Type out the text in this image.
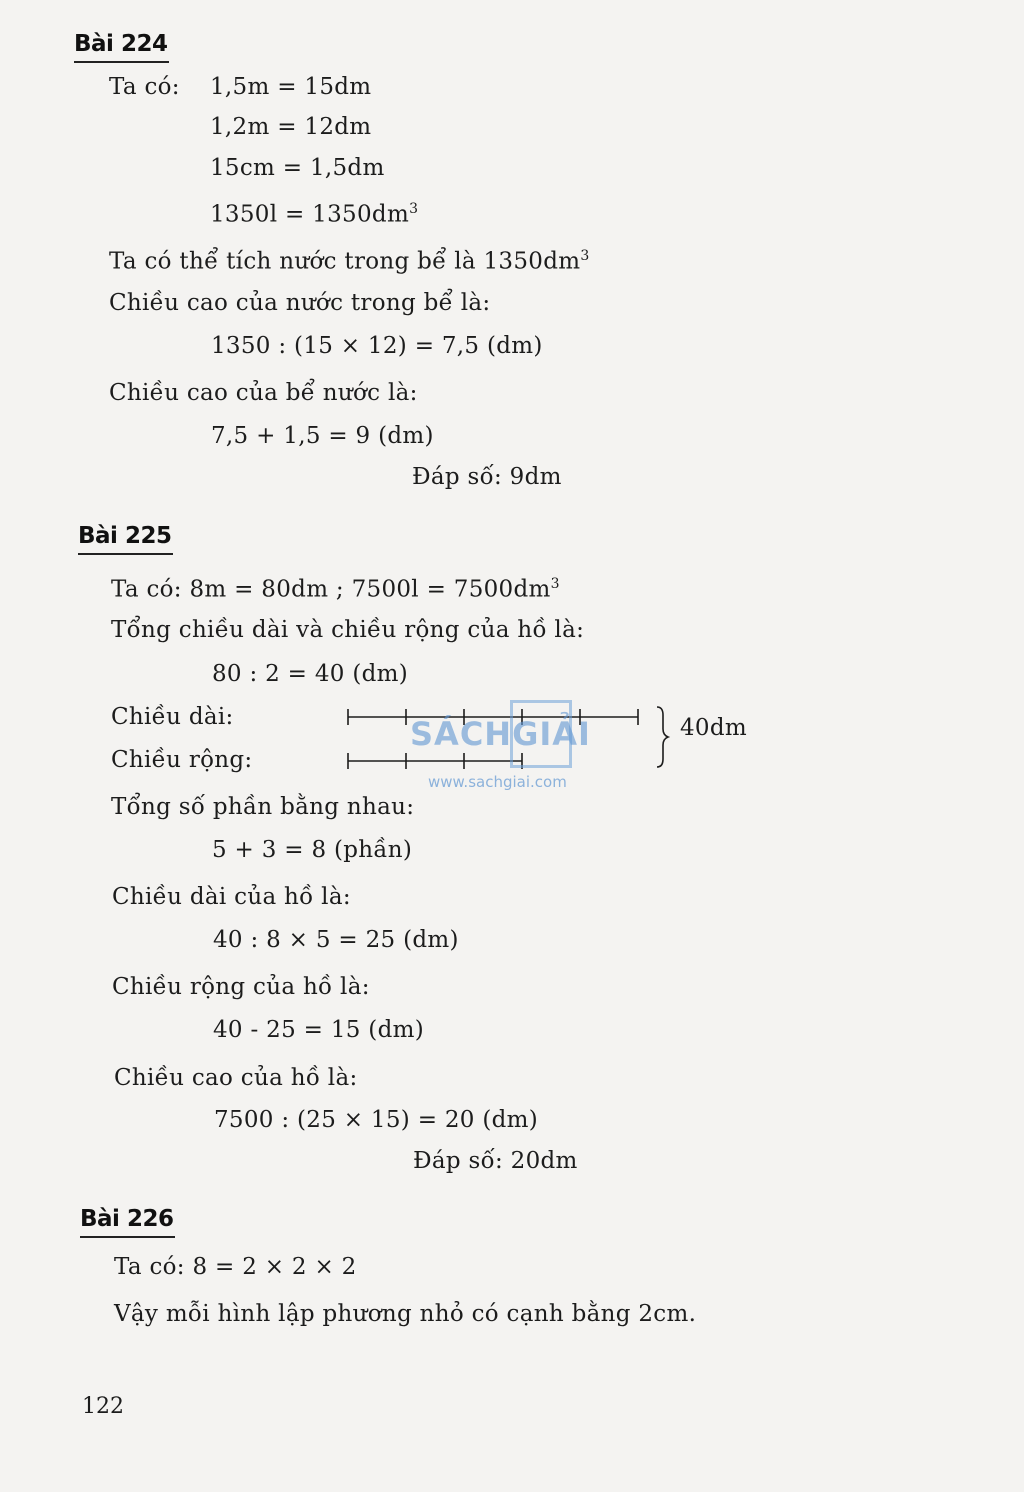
Bài 224
Ta có: 1,5m = 15dm
1,2m = 12dm
15cm = 1,5dm
$1350l = 1350dm^3$
Ta có thể tích nước trong bể là $1350dm^3$
Chiều cao của nước trong bể là:
1350 : (15 × 12) = 7,5 (dm)
Chiều cao của bể nước là:
7,5 + 1,5 = 9 (dm)
Đáp số: 9dm
Bài 225
Ta có: 8m = 80dm ; $7500l = 7500dm^3$
Tổng chiều dài và chiều rộng của hồ là:
80 : 2 = 40 (dm)
Chiều dài:
Chiều rộng:
40dm
SÁCHGIẢI
www.sachgiai.com
Tổng số phần bằng nhau:
5 + 3 = 8 (phần)
Chiều dài của hồ là:
40 : 8 × 5 = 25 (dm)
Chiều rộng của hồ là:
40 - 25 = 15 (dm)
Chiều cao của hồ là:
7500 : (25 × 15) = 20 (dm)
Đáp số: 20dm
Bài 226
Ta có: 8 = 2 × 2 × 2
Vậy mỗi hình lập phương nhỏ có cạnh bằng 2cm.
122
